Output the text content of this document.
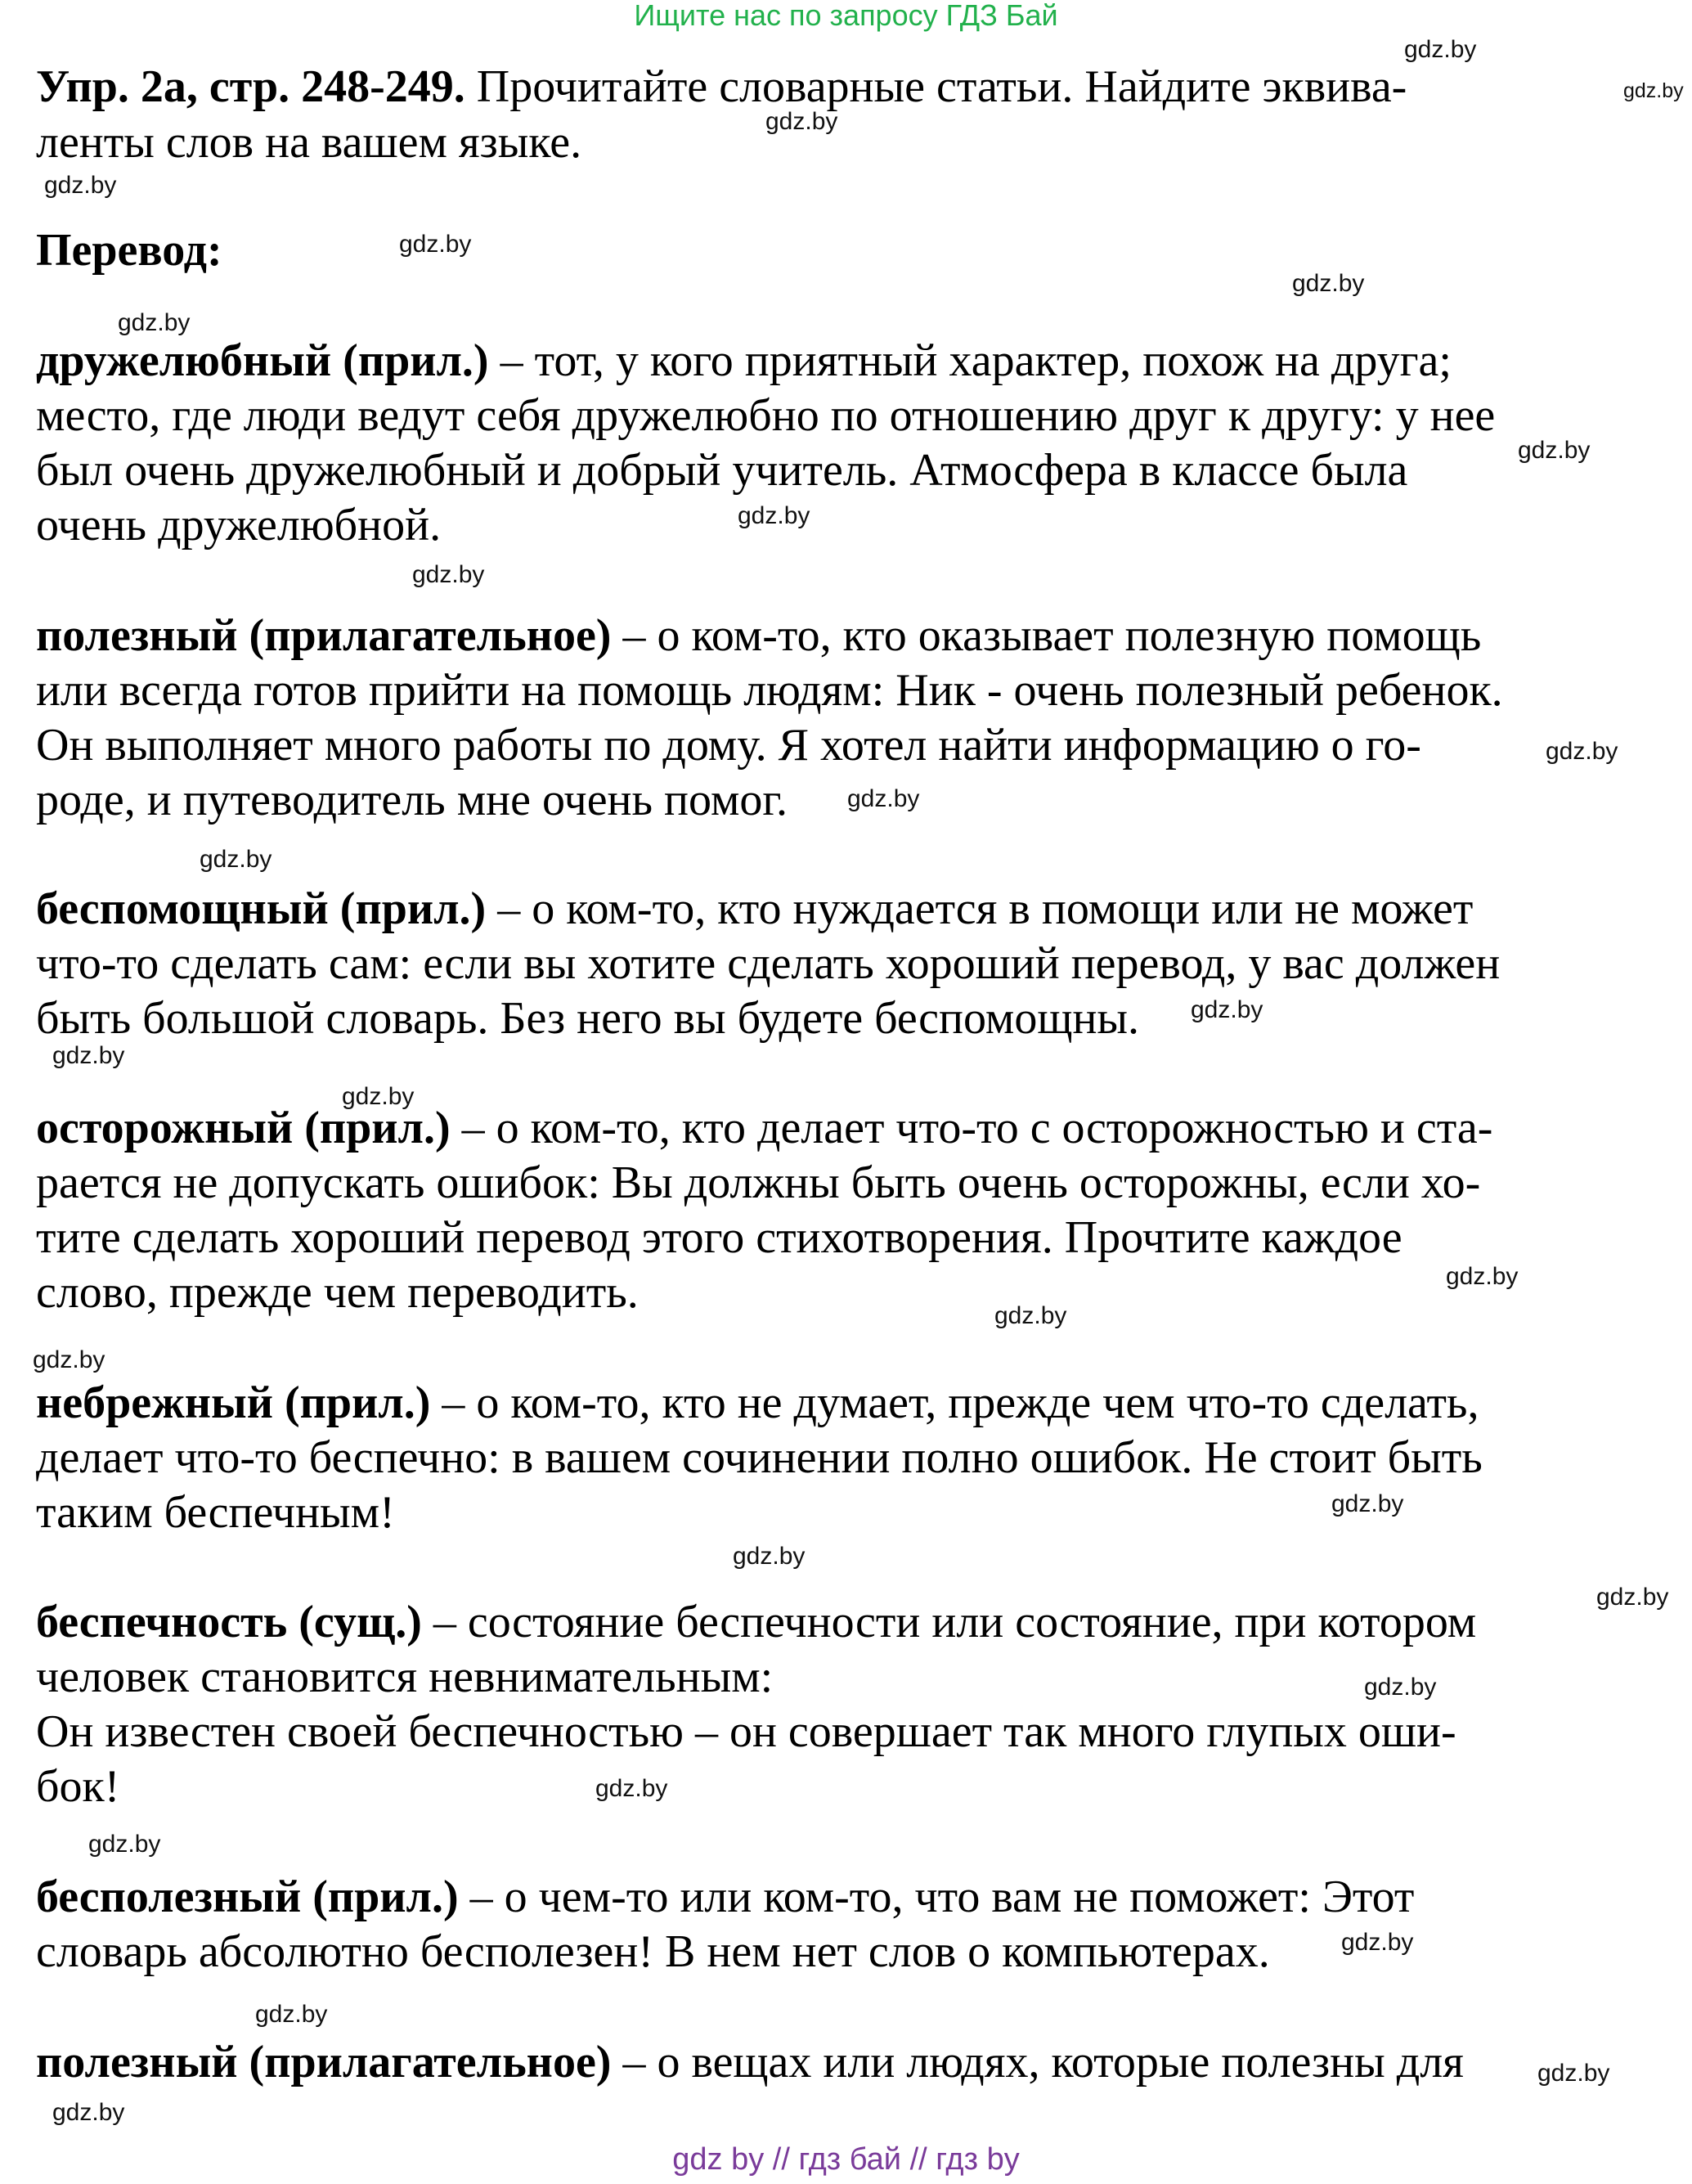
Ищите нас по запросу ГДЗ Бай
Упр. 2а, стр. 248-249. Прочитайте словарные статьи. Найдите эквива-
ленты слов на вашем языке.
Перевод:
дружелюбный (прил.) – тот, у кого приятный характер, похож на друга;
место, где люди ведут себя дружелюбно по отношению друг к другу: у нее
был очень дружелюбный и добрый учитель. Атмосфера в классе была
очень дружелюбной.
полезный (прилагательное) – о ком-то, кто оказывает полезную помощь
или всегда готов прийти на помощь людям: Ник - очень полезный ребенок.
Он выполняет много работы по дому. Я хотел найти информацию о го-
роде, и путеводитель мне очень помог.
беспомощный (прил.) – о ком-то, кто нуждается в помощи или не может
что-то сделать сам: если вы хотите сделать хороший перевод, у вас должен
быть большой словарь. Без него вы будете беспомощны.
осторожный (прил.) – о ком-то, кто делает что-то с осторожностью и ста-
рается не допускать ошибок: Вы должны быть очень осторожны, если хо-
тите сделать хороший перевод этого стихотворения. Прочтите каждое
слово, прежде чем переводить.
небрежный (прил.) – о ком-то, кто не думает, прежде чем что-то сделать,
делает что-то беспечно: в вашем сочинении полно ошибок. Не стоит быть
таким беспечным!
беспечность (сущ.) – состояние беспечности или состояние, при котором
человек становится невнимательным:
Он известен своей беспечностью – он совершает так много глупых оши-
бок!
бесполезный (прил.) – о чем-то или ком-то, что вам не поможет: Этот
словарь абсолютно бесполезен! В нем нет слов о компьютерах.
полезный (прилагательное) – о вещах или людях, которые полезны для
gdz.by
gdz.by
gdz.by
gdz.by
gdz.by
gdz.by
gdz.by
gdz.by
gdz.by
gdz.by
gdz.by
gdz.by
gdz.by
gdz.by
gdz.by
gdz.by
gdz.by
gdz.by
gdz.by
gdz.by
gdz.by
gdz.by
gdz.by
gdz.by
gdz.by
gdz.by
gdz.by
gdz.by
gdz.by
gdz by // гдз бай // гдз by
